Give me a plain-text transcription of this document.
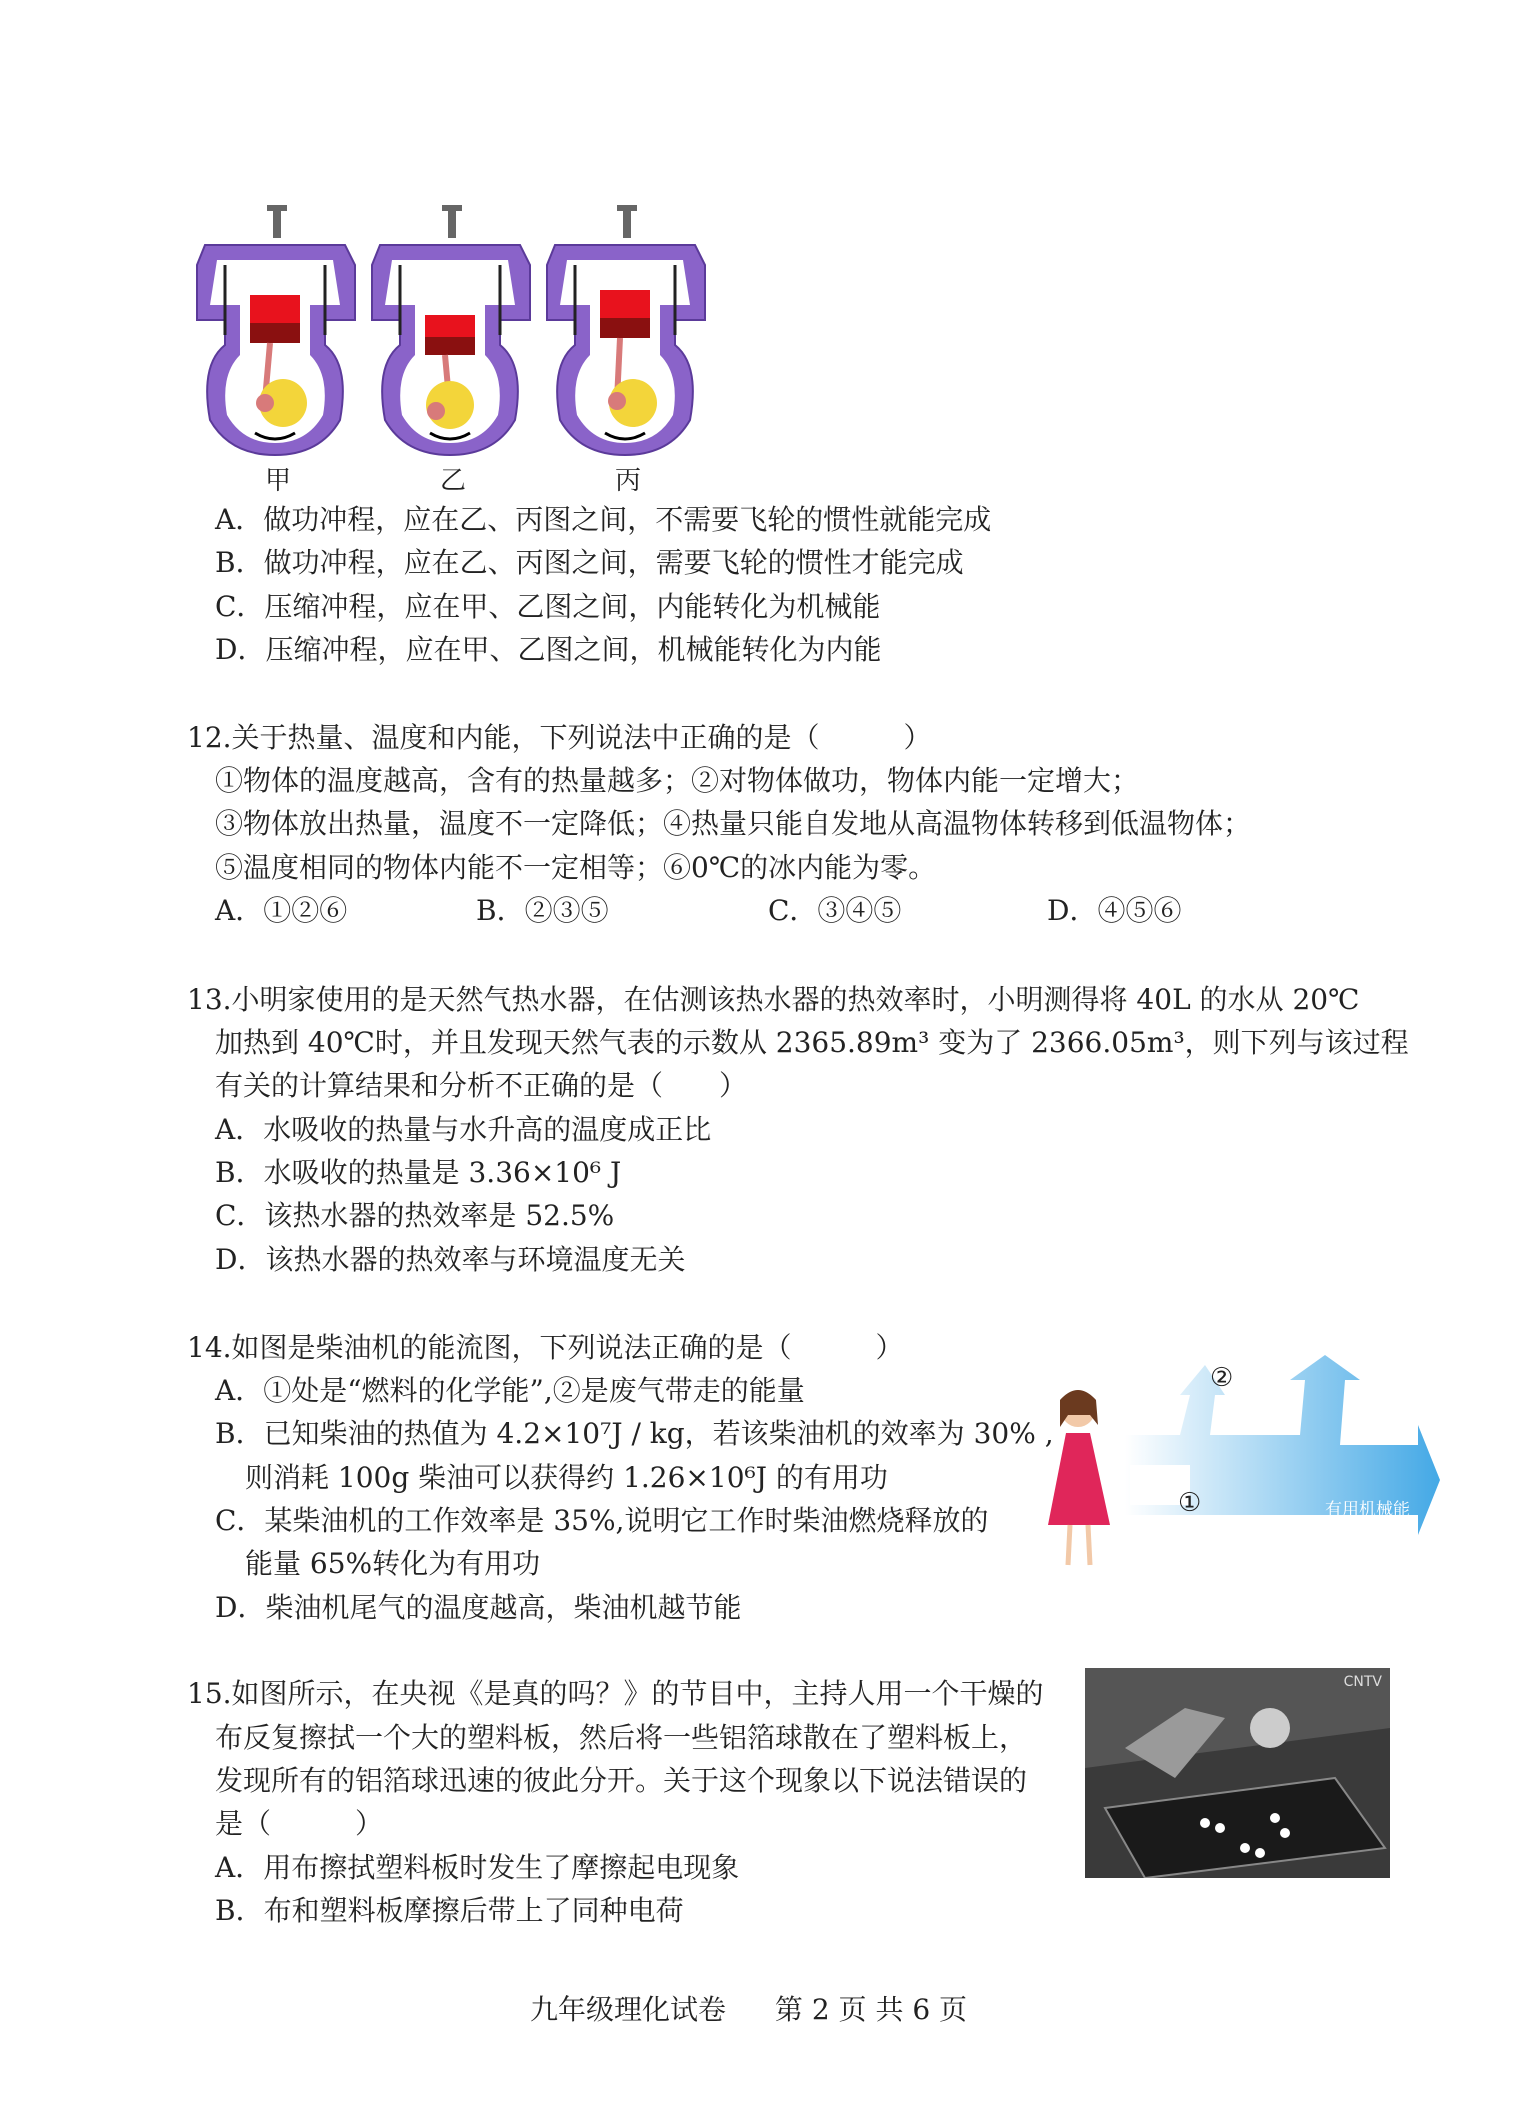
甲	乙	丙
A．做功冲程，应在乙、丙图之间，不需要飞轮的惯性就能完成
B．做功冲程，应在乙、丙图之间，需要飞轮的惯性才能完成
C．压缩冲程，应在甲、乙图之间，内能转化为机械能
D．压缩冲程，应在甲、乙图之间，机械能转化为内能
12.关于热量、温度和内能，下列说法中正确的是（　　　）
①物体的温度越高，含有的热量越多；②对物体做功，物体内能一定增大；
③物体放出热量，温度不一定降低；④热量只能自发地从高温物体转移到低温物体；
⑤温度相同的物体内能不一定相等；⑥0℃的冰内能为零。
A．①②⑥	B．②③⑤	C．③④⑤	D．④⑤⑥
13.小明家使用的是天然气热水器，在估测该热水器的热效率时，小明测得将 40L 的水从 20℃
加热到 40℃时，并且发现天然气表的示数从 2365.89m³ 变为了 2366.05m³，则下列与该过程
有关的计算结果和分析不正确的是（　　）
A．水吸收的热量与水升高的温度成正比
B．水吸收的热量是 3.36×10⁶ J
C．该热水器的热效率是 52.5%
D．该热水器的热效率与环境温度无关
14.如图是柴油机的能流图，下列说法正确的是（　　　）
A．①处是“燃料的化学能”,②是废气带走的能量
B．已知柴油的热值为 4.2×10⁷J / kg，若该柴油机的效率为 30% ,
则消耗 100g 柴油可以获得约 1.26×10⁶J 的有用功
C．某柴油机的工作效率是 35%,说明它工作时柴油燃烧释放的
能量 65%转化为有用功
D．柴油机尾气的温度越高，柴油机越节能
①
②
有用机械能
15.如图所示，在央视《是真的吗？》的节目中，主持人用一个干燥的
布反复擦拭一个大的塑料板，然后将一些铝箔球散在了塑料板上，
发现所有的铝箔球迅速的彼此分开。关于这个现象以下说法错误的
是（　　　）
A．用布擦拭塑料板时发生了摩擦起电现象
B．布和塑料板摩擦后带上了同种电荷
CNTV
九年级理化试卷 第 2 页 共 6 页
